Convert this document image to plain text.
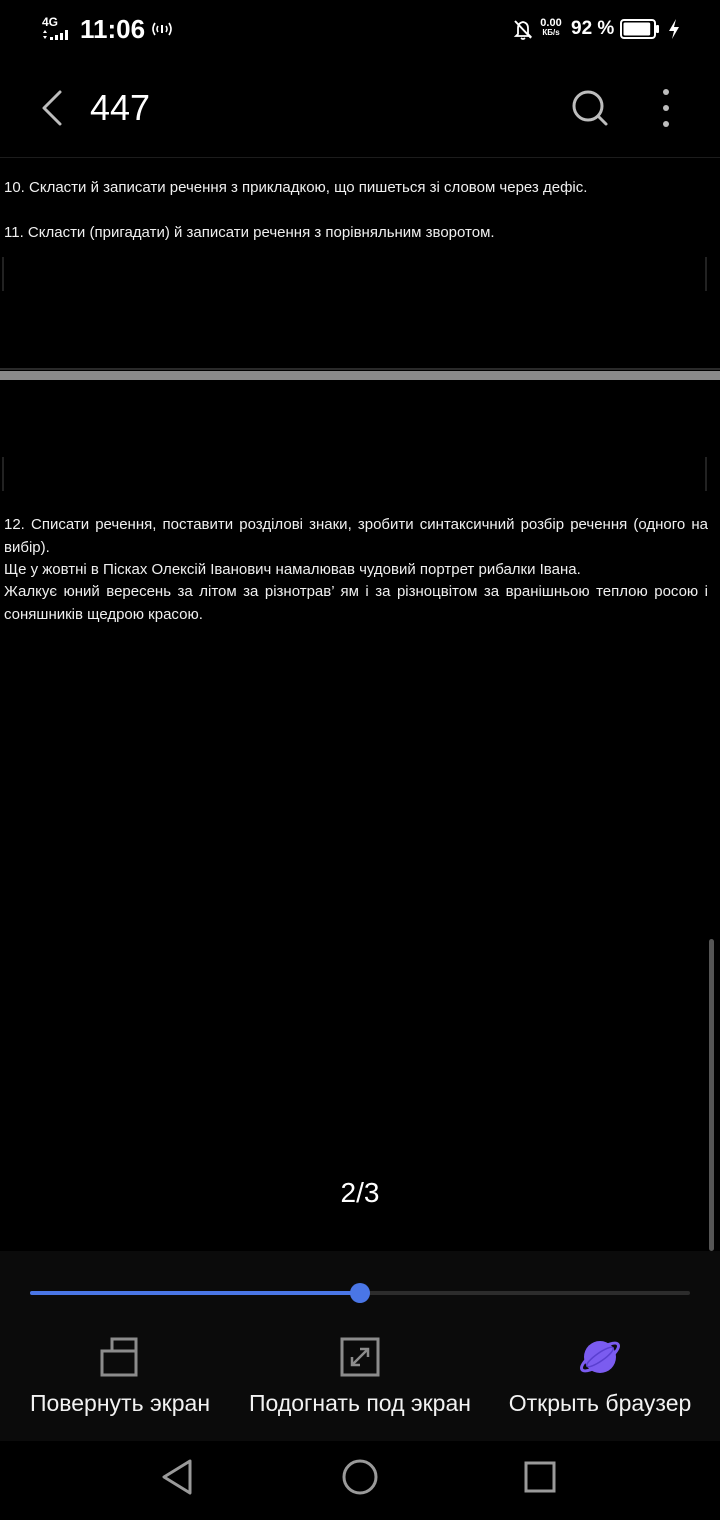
4G 11:06	0.00
КБ/s 92 %
447

10. Скласти й записати речення з прикладкою, що пишеться зі словом через дефіс.

11. Скласти (пригадати) й записати речення з порівняльним зворотом.

12. Списати речення, поставити розділові знаки, зробити синтаксичний розбір речення (одного на вибір).

Ще у жовтні в Пісках Олексій Іванович намалював чудовий портрет рибалки Івана.

Жалкує юний вересень за літом за різнотрав’ ям і за різноцвітом за вранішньою теплою росою і соняшників щедрою красою.

2/3
Повернуть экран	Подогнать под экран	Открыть браузер
